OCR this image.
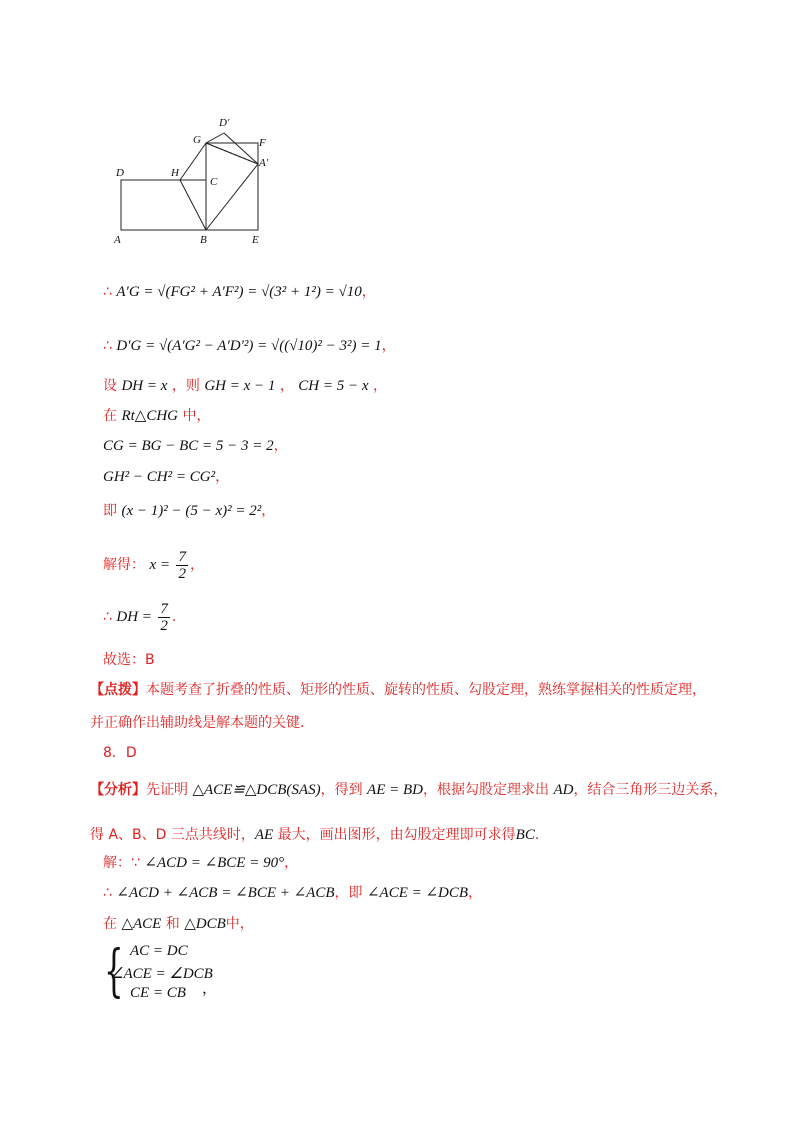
D'
G	F
A'
D	H
C
A	B	E
∴ A′G = √(FG² + A′F²) = √(3² + 1²) = √10，
∴ D′G = √(A′G² − A′D′²) = √((√10)² − 3²) = 1，
设 DH = x ，则 GH = x − 1 ， CH = 5 − x ，
在 Rt△CHG 中，
CG = BG − BC = 5 − 3 = 2，
GH² − CH² = CG²，
即 (x − 1)² − (5 − x)² = 2²，
解得： $x = \frac{7}{2}$ ，
∴ DH = $\frac{7}{2}$ .
故选：B
【点拨】本题考查了折叠的性质、矩形的性质、旋转的性质、勾股定理，熟练掌握相关的性质定理，
并正确作出辅助线是解本题的关键.
8．D
【分析】先证明 △ACE≌△DCB(SAS)，得到 AE = BD，根据勾股定理求出 AD，结合三角形三边关系，
得 A、B、D 三点共线时，AE 最大，画出图形，由勾股定理即可求得BC.
解：∵ ∠ACD = ∠BCE = 90°，
∴ ∠ACD + ∠ACB = ∠BCE + ∠ACB，即 ∠ACE = ∠DCB，
在 △ACE 和 △DCB中，
{ AC = DC
∠ACE = ∠DCB
CE = CB ，
